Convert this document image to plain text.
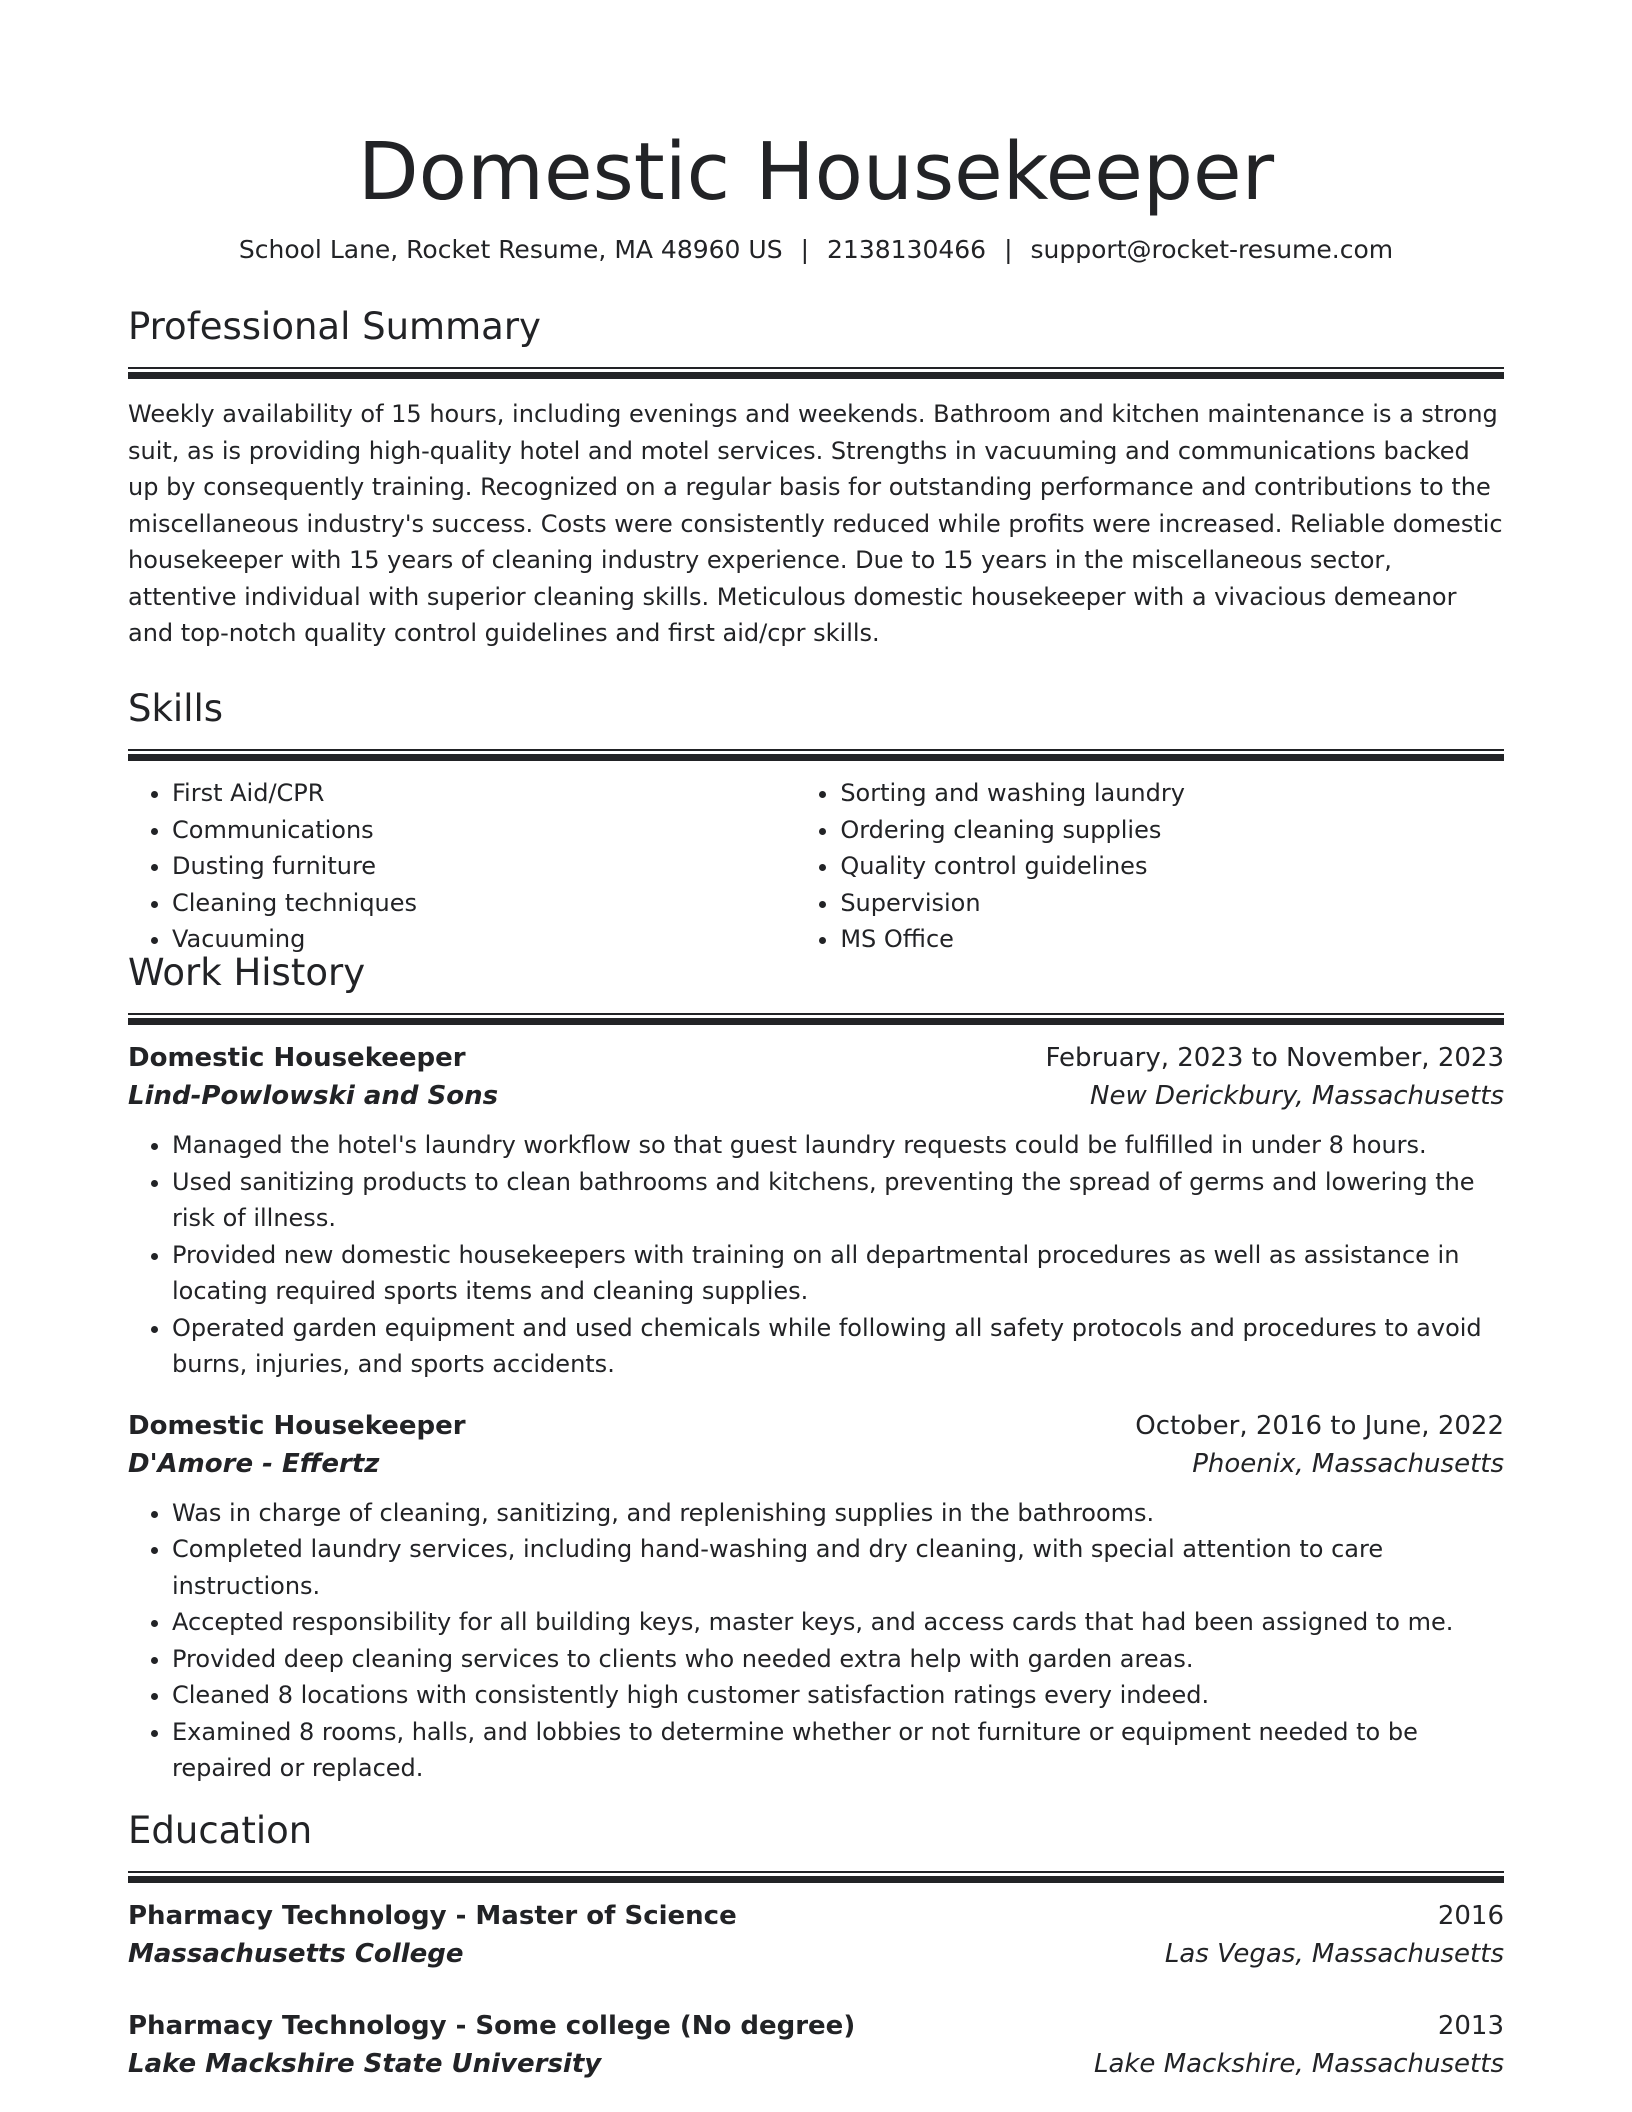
Domestic Housekeeper
School Lane, Rocket Resume, MA 48960 US | 2138130466 | support@rocket-resume.com
Professional Summary
Weekly availability of 15 hours, including evenings and weekends. Bathroom and kitchen maintenance is a strong suit, as is providing high-quality hotel and motel services. Strengths in vacuuming and communications backed up by consequently training. Recognized on a regular basis for outstanding performance and contributions to the miscellaneous industry's success. Costs were consistently reduced while profits were increased. Reliable domestic housekeeper with 15 years of cleaning industry experience. Due to 15 years in the miscellaneous sector, attentive individual with superior cleaning skills. Meticulous domestic housekeeper with a vivacious demeanor and top-notch quality control guidelines and first aid/cpr skills.
Skills
• First Aid/CPR
• Communications
• Dusting furniture
• Cleaning techniques
• Vacuuming
• Sorting and washing laundry
• Ordering cleaning supplies
• Quality control guidelines
• Supervision
• MS Office
Work History
Domestic Housekeeper	February, 2023 to November, 2023
Lind-Powlowski and Sons	New Derickbury, Massachusetts
• Managed the hotel's laundry workflow so that guest laundry requests could be fulfilled in under 8 hours.
• Used sanitizing products to clean bathrooms and kitchens, preventing the spread of germs and lowering the risk of illness.
• Provided new domestic housekeepers with training on all departmental procedures as well as assistance in locating required sports items and cleaning supplies.
• Operated garden equipment and used chemicals while following all safety protocols and procedures to avoid burns, injuries, and sports accidents.
Domestic Housekeeper	October, 2016 to June, 2022
D'Amore - Effertz	Phoenix, Massachusetts
• Was in charge of cleaning, sanitizing, and replenishing supplies in the bathrooms.
• Completed laundry services, including hand-washing and dry cleaning, with special attention to care instructions.
• Accepted responsibility for all building keys, master keys, and access cards that had been assigned to me.
• Provided deep cleaning services to clients who needed extra help with garden areas.
• Cleaned 8 locations with consistently high customer satisfaction ratings every indeed.
• Examined 8 rooms, halls, and lobbies to determine whether or not furniture or equipment needed to be repaired or replaced.
Education
Pharmacy Technology - Master of Science	2016
Massachusetts College	Las Vegas, Massachusetts
Pharmacy Technology - Some college (No degree)	2013
Lake Mackshire State University	Lake Mackshire, Massachusetts
